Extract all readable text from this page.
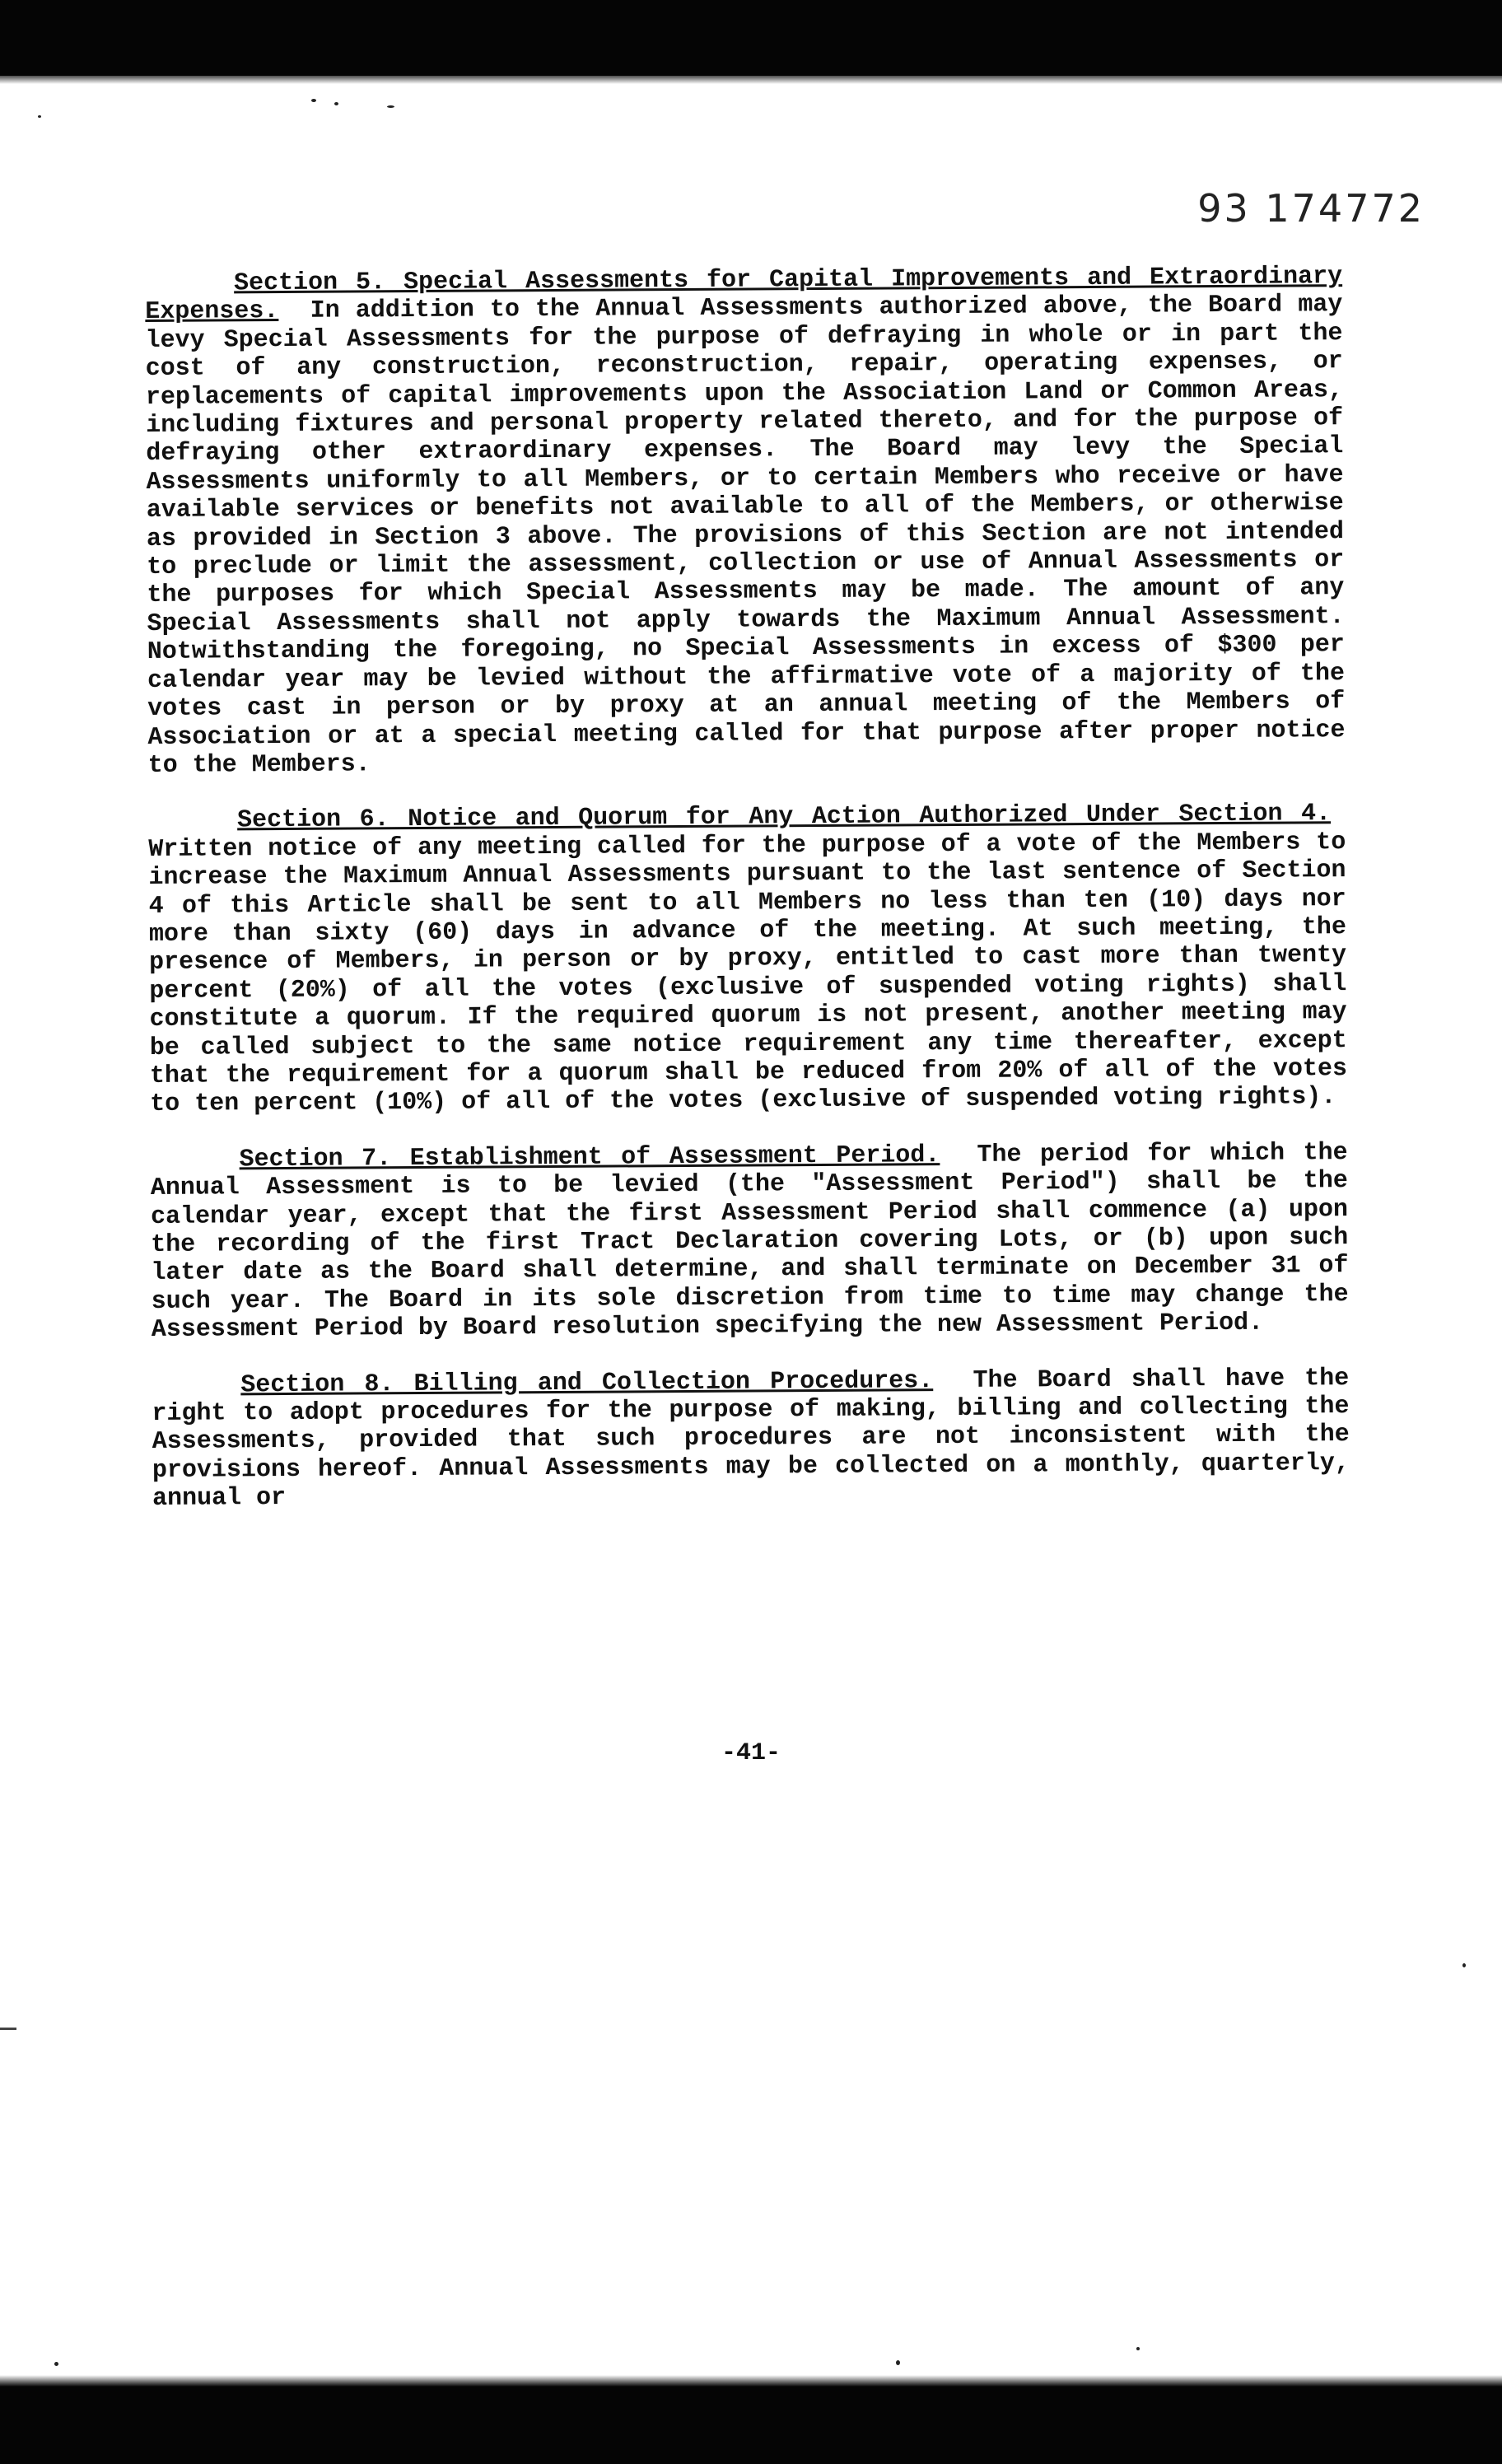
93 174772

Section 5. Special Assessments for Capital Improvements and Extraordinary Expenses. In addition to the Annual Assessments authorized above, the Board may levy Special Assessments for the purpose of defraying in whole or in part the cost of any construction, reconstruction, repair, operating expenses, or replacements of capital improvements upon the Association Land or Common Areas, including fixtures and personal property related thereto, and for the purpose of defraying other extraordinary expenses. The Board may levy the Special Assessments uniformly to all Members, or to certain Members who receive or have available services or benefits not available to all of the Members, or otherwise as provided in Section 3 above. The provisions of this Section are not intended to preclude or limit the assessment, collection or use of Annual Assessments or the purposes for which Special Assessments may be made. The amount of any Special Assessments shall not apply towards the Maximum Annual Assessment. Notwithstanding the foregoing, no Special Assessments in excess of $300 per calendar year may be levied without the affirmative vote of a majority of the votes cast in person or by proxy at an annual meeting of the Members of Association or at a special meeting called for that purpose after proper notice to the Members.

Section 6. Notice and Quorum for Any Action Authorized Under Section 4.  Written notice of any meeting called for the purpose of a vote of the Members to increase the Maximum Annual Assessments pursuant to the last sentence of Section 4 of this Article shall be sent to all Members no less than ten (10) days nor more than sixty (60) days in advance of the meeting. At such meeting, the presence of Members, in person or by proxy, entitled to cast more than twenty percent (20%) of all the votes (exclusive of suspended voting rights) shall constitute a quorum. If the required quorum is not present, another meeting may be called subject to the same notice requirement any time thereafter, except that the requirement for a quorum shall be reduced from 20% of all of the votes to ten percent (10%) of all of the votes (exclusive of suspended voting rights).

Section 7. Establishment of Assessment Period. The period for which the Annual Assessment is to be levied (the "Assessment Period") shall be the calendar year, except that the first Assessment Period shall commence (a) upon the recording of the first Tract Declaration covering Lots, or (b) upon such later date as the Board shall determine, and shall terminate on December 31 of such year. The Board in its sole discretion from time to time may change the Assessment Period by Board resolution specifying the new Assessment Period.

Section 8. Billing and Collection Procedures. The Board shall have the right to adopt procedures for the purpose of making, billing and collecting the Assessments, provided that such procedures are not inconsistent with the provisions hereof. Annual Assessments may be collected on a monthly, quarterly, annual or

-41-
